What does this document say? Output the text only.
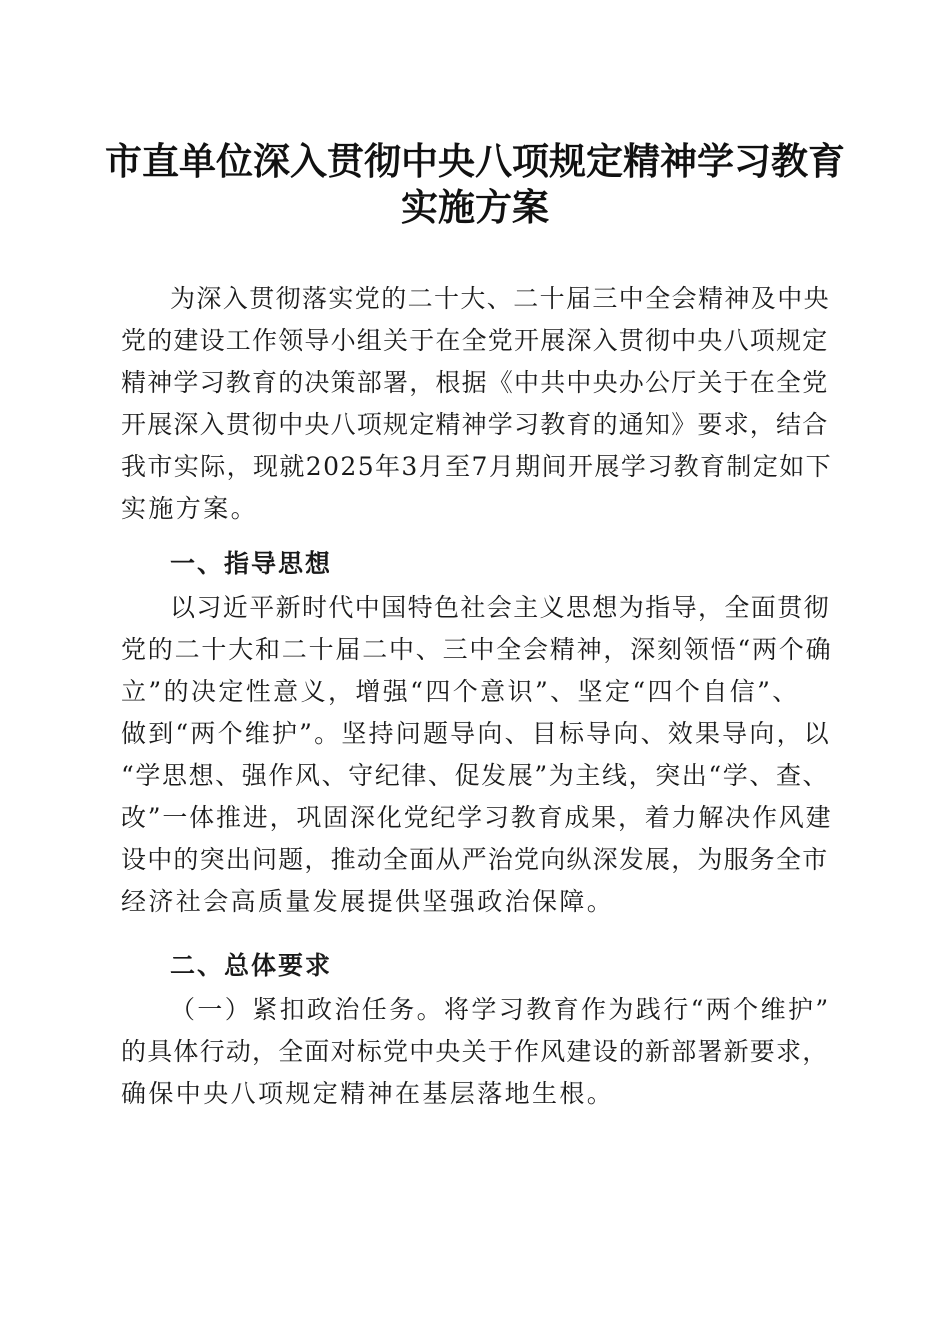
市直单位深入贯彻中央八项规定精神学习教育
实施方案
为深入贯彻落实党的二十大、二十届三中全会精神及中央
党的建设工作领导小组关于在全党开展深入贯彻中央八项规定
精神学习教育的决策部署，根据《中共中央办公厅关于在全党
开展深入贯彻中央八项规定精神学习教育的通知》要求，结合
我市实际，现就2025年3月至7月期间开展学习教育制定如下
实施方案。
一、指导思想
以习近平新时代中国特色社会主义思想为指导，全面贯彻
党的二十大和二十届二中、三中全会精神，深刻领悟“两个确
立”的决定性意义，增强“四个意识”、坚定“四个自信”、
做到“两个维护”。坚持问题导向、目标导向、效果导向，以
“学思想、强作风、守纪律、促发展”为主线，突出“学、查、
改”一体推进，巩固深化党纪学习教育成果，着力解决作风建
设中的突出问题，推动全面从严治党向纵深发展，为服务全市
经济社会高质量发展提供坚强政治保障。
二、总体要求
（一）紧扣政治任务。将学习教育作为践行“两个维护”
的具体行动，全面对标党中央关于作风建设的新部署新要求，
确保中央八项规定精神在基层落地生根。
